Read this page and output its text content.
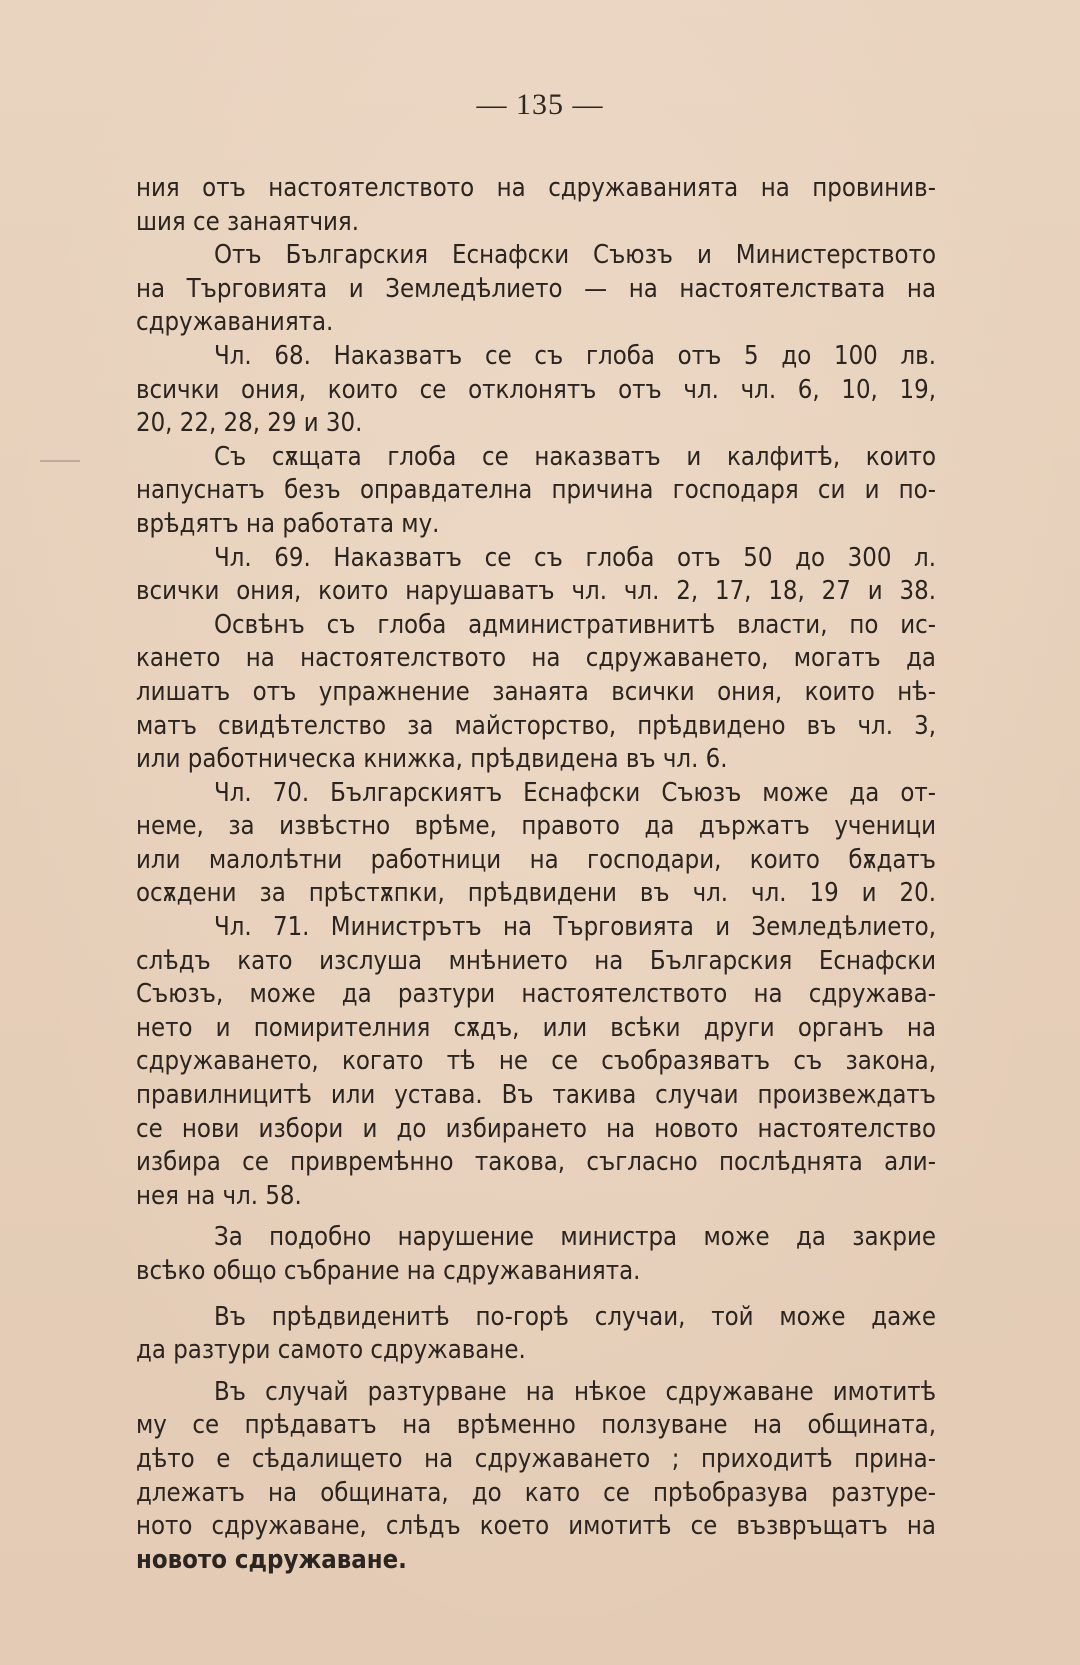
— 135 —
ния отъ настоятелството на сдружаванията на провинив-
шия се занаятчия.
Отъ Българския Еснафски Съюзъ и Министерството
на Търговията и Земледѣлието — на настоятелствата на
сдружаванията.
Чл. 68. Наказватъ се съ глоба отъ 5 до 100 лв.
всички ония, които се отклонятъ отъ чл. чл. 6, 10, 19,
20, 22, 28, 29 и 30.
Съ сѫщата глоба се наказватъ и калфитѣ, които
напуснатъ безъ оправдателна причина господаря си и по-
врѣдятъ на работата му.
Чл. 69. Наказватъ се съ глоба отъ 50 до 300 л.
всички ония, които нарушаватъ чл. чл. 2, 17, 18, 27 и 38.
Освѣнъ съ глоба административнитѣ власти, по ис-
кането на настоятелството на сдружаването, могатъ да
лишатъ отъ упражнение занаята всички ония, които нѣ-
матъ свидѣтелство за майсторство, прѣдвидено въ чл. 3,
или работническа книжка, прѣдвидена въ чл. 6.
Чл. 70. Българскиятъ Еснафски Съюзъ може да от-
неме, за извѣстно врѣме, правото да държатъ ученици
или малолѣтни работници на господари, които бѫдатъ
осѫдени за прѣстѫпки, прѣдвидени въ чл. чл. 19 и 20.
Чл. 71. Министрътъ на Търговията и Земледѣлието,
слѣдъ като изслуша мнѣнието на Българския Еснафски
Съюзъ, може да разтури настоятелството на сдружава-
нето и помирителния сѫдъ, или всѣки други органъ на
сдружаването, когато тѣ не се съобразяватъ съ закона,
правилницитѣ или устава. Въ такива случаи произвеждатъ
се нови избори и до избирането на новото настоятелство
избира се привремѣнно такова, съгласно послѣднята али-
нея на чл. 58.
За подобно нарушение министра може да закрие
всѣко общо събрание на сдружаванията.
Въ прѣдвиденитѣ по-горѣ случаи, той може даже
да разтури самото сдружаване.
Въ случай разтурване на нѣкое сдружаване имотитѣ
му се прѣдаватъ на врѣменно ползуване на общината,
дѣто е сѣдалището на сдружаването ; приходитѣ прина-
длежатъ на общината, до като се прѣобразува разтуре-
ното сдружаване, слѣдъ което имотитѣ се възвръщатъ на
новото сдружаване.
